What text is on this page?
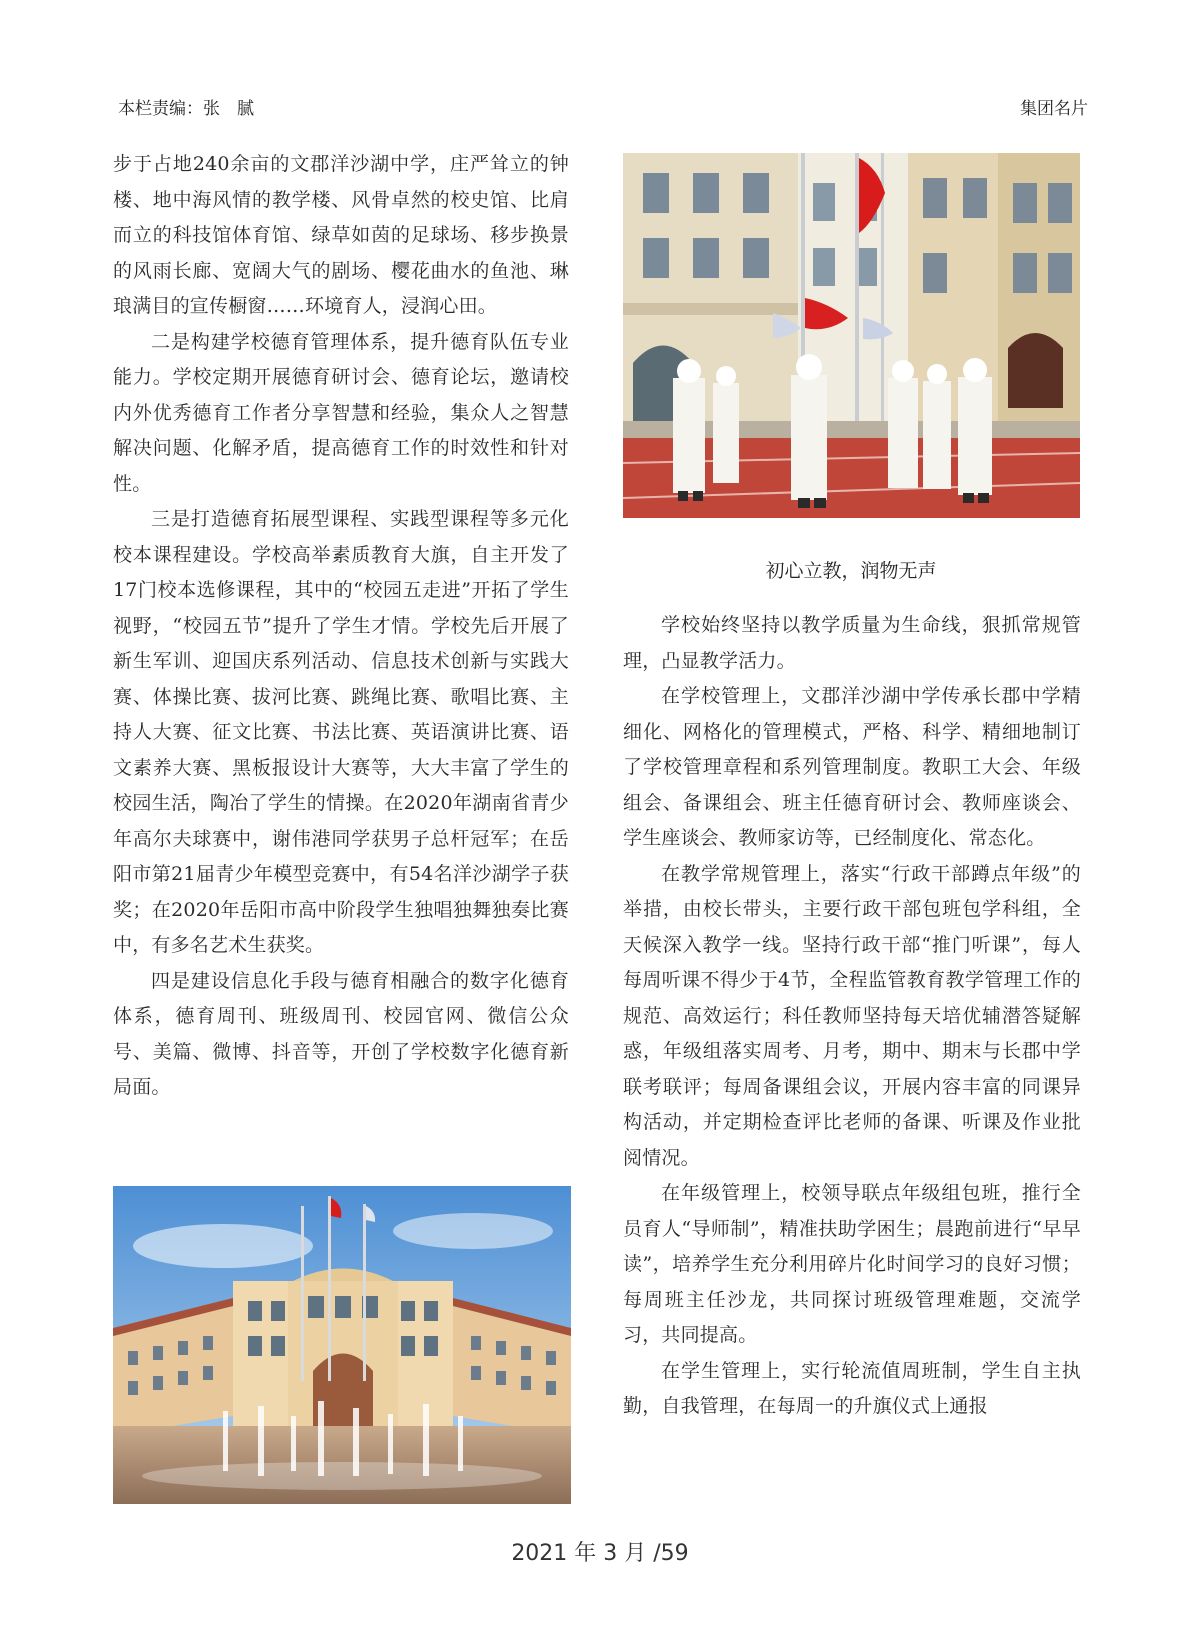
本栏责编：张　腻	集团名片

步于占地240余亩的文郡洋沙湖中学，庄严耸立的钟楼、地中海风情的教学楼、风骨卓然的校史馆、比肩而立的科技馆体育馆、绿草如茵的足球场、移步换景的风雨长廊、宽阔大气的剧场、樱花曲水的鱼池、琳琅满目的宣传橱窗……环境育人，浸润心田。

二是构建学校德育管理体系，提升德育队伍专业能力。学校定期开展德育研讨会、德育论坛，邀请校内外优秀德育工作者分享智慧和经验，集众人之智慧解决问题、化解矛盾，提高德育工作的时效性和针对性。

三是打造德育拓展型课程、实践型课程等多元化校本课程建设。学校高举素质教育大旗，自主开发了17门校本选修课程，其中的“校园五走进”开拓了学生视野，“校园五节”提升了学生才情。学校先后开展了新生军训、迎国庆系列活动、信息技术创新与实践大赛、体操比赛、拔河比赛、跳绳比赛、歌唱比赛、主持人大赛、征文比赛、书法比赛、英语演讲比赛、语文素养大赛、黑板报设计大赛等，大大丰富了学生的校园生活，陶冶了学生的情操。在2020年湖南省青少年高尔夫球赛中，谢伟港同学获男子总杆冠军；在岳阳市第21届青少年模型竞赛中，有54名洋沙湖学子获奖；在2020年岳阳市高中阶段学生独唱独舞独奏比赛中，有多名艺术生获奖。

四是建设信息化手段与德育相融合的数字化德育体系，德育周刊、班级周刊、校园官网、微信公众号、美篇、微博、抖音等，开创了学校数字化德育新局面。

初心立教，润物无声

学校始终坚持以教学质量为生命线，狠抓常规管理，凸显教学活力。

在学校管理上，文郡洋沙湖中学传承长郡中学精细化、网格化的管理模式，严格、科学、精细地制订了学校管理章程和系列管理制度。教职工大会、年级组会、备课组会、班主任德育研讨会、教师座谈会、学生座谈会、教师家访等，已经制度化、常态化。

在教学常规管理上，落实“行政干部蹲点年级”的举措，由校长带头，主要行政干部包班包学科组，全天候深入教学一线。坚持行政干部“推门听课”，每人每周听课不得少于4节，全程监管教育教学管理工作的规范、高效运行；科任教师坚持每天培优辅潜答疑解惑，年级组落实周考、月考，期中、期末与长郡中学联考联评；每周备课组会议，开展内容丰富的同课异构活动，并定期检查评比老师的备课、听课及作业批阅情况。

在年级管理上，校领导联点年级组包班，推行全员育人“导师制”，精准扶助学困生；晨跑前进行“早早读”，培养学生充分利用碎片化时间学习的良好习惯；每周班主任沙龙，共同探讨班级管理难题，交流学习，共同提高。

在学生管理上，实行轮流值周班制，学生自主执勤，自我管理，在每周一的升旗仪式上通报

2021 年 3 月 /59
